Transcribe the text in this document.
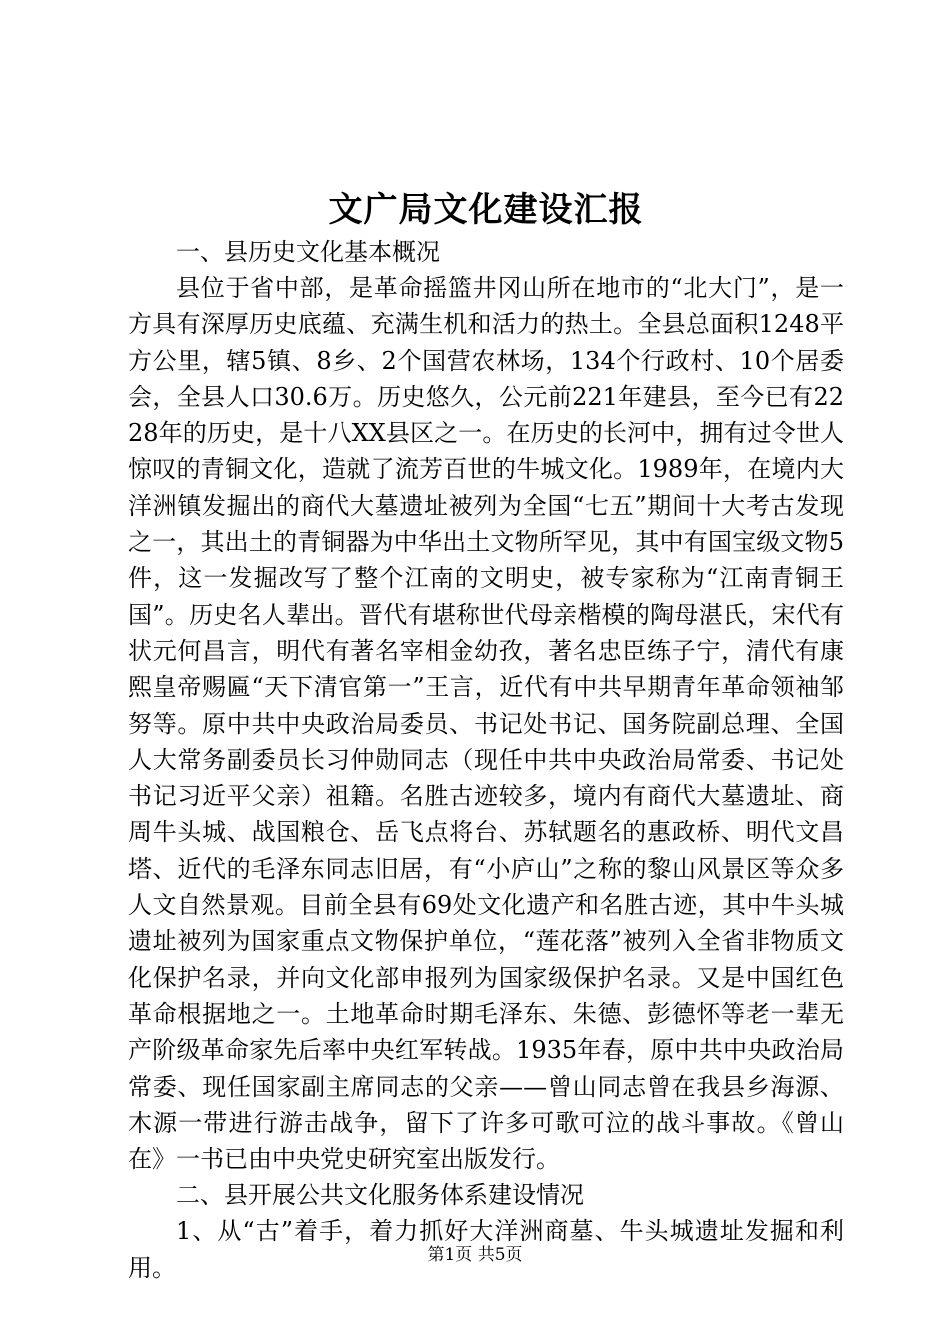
文广局文化建设汇报

一、县历史文化基本概况

县位于省中部，是革命摇篮井冈山所在地市的“北大门”，是一方具有深厚历史底蕴、充满生机和活力的热土。全县总面积1248平方公里，辖5镇、8乡、2个国营农林场，134个行政村、10个居委会，全县人口30.6万。历史悠久，公元前221年建县，至今已有2228年的历史，是十八XX县区之一。在历史的长河中，拥有过令世人惊叹的青铜文化，造就了流芳百世的牛城文化。1989年，在境内大洋洲镇发掘出的商代大墓遗址被列为全国“七五”期间十大考古发现之一，其出土的青铜器为中华出土文物所罕见，其中有国宝级文物5件，这一发掘改写了整个江南的文明史，被专家称为“江南青铜王国”。历史名人辈出。晋代有堪称世代母亲楷模的陶母湛氏，宋代有状元何昌言，明代有著名宰相金幼孜，著名忠臣练子宁，清代有康熙皇帝赐匾“天下清官第一”王言，近代有中共早期青年革命领袖邹努等。原中共中央政治局委员、书记处书记、国务院副总理、全国人大常务副委员长习仲勋同志（现任中共中央政治局常委、书记处书记习近平父亲）祖籍。名胜古迹较多，境内有商代大墓遗址、商周牛头城、战国粮仓、岳飞点将台、苏轼题名的惠政桥、明代文昌塔、近代的毛泽东同志旧居，有“小庐山”之称的黎山风景区等众多人文自然景观。目前全县有69处文化遗产和名胜古迹，其中牛头城遗址被列为国家重点文物保护单位，“莲花落”被列入全省非物质文化保护名录，并向文化部申报列为国家级保护名录。又是中国红色革命根据地之一。土地革命时期毛泽东、朱德、彭德怀等老一辈无产阶级革命家先后率中央红军转战。1935年春，原中共中央政治局常委、现任国家副主席同志的父亲——曾山同志曾在我县乡海源、木源一带进行游击战争，留下了许多可歌可泣的战斗事故。《曾山在》一书已由中央党史研究室出版发行。

二、县开展公共文化服务体系建设情况

1、从“古”着手，着力抓好大洋洲商墓、牛头城遗址发掘和利用。	第1页 共5页
